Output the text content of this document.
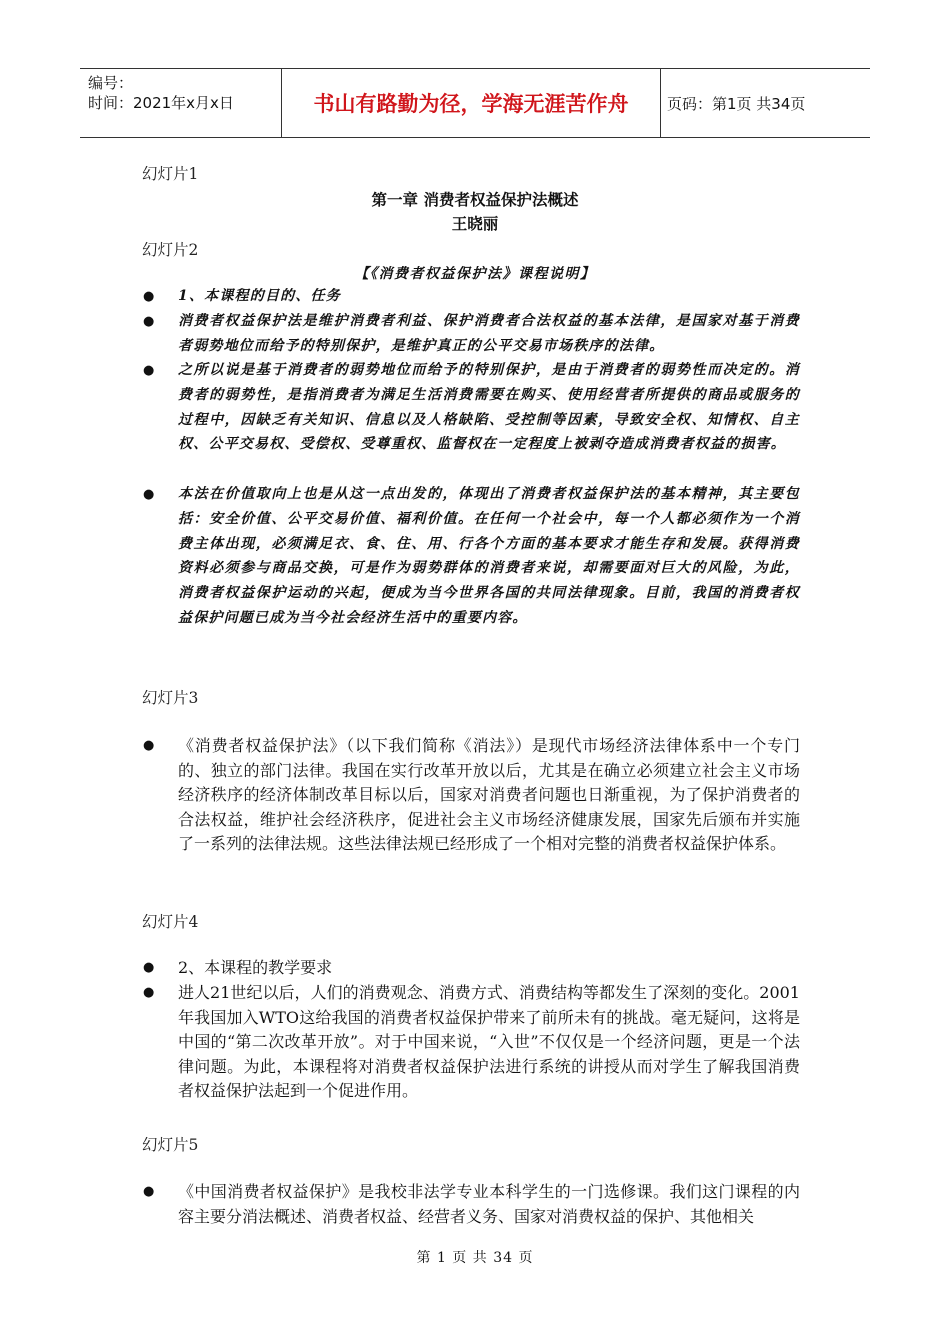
编号：
时间：2021年x月x日	书山有路勤为径，学海无涯苦作舟	页码：第1页 共34页
幻灯片1
第一章 消费者权益保护法概述
王晓丽
幻灯片2
【《消费者权益保护法》课程说明】
● 1、本课程的目的、任务

● 消费者权益保护法是维护消费者利益、保护消费者合法权益的基本法律，是国家对基于消费者弱势地位而给予的特别保护，是维护真正的公平交易市场秩序的法律。

● 之所以说是基于消费者的弱势地位而给予的特别保护，是由于消费者的弱势性而决定的。消费者的弱势性，是指消费者为满足生活消费需要在购买、使用经营者所提供的商品或服务的过程中，因缺乏有关知识、信息以及人格缺陷、受控制等因素，导致安全权、知情权、自主权、公平交易权、受偿权、受尊重权、监督权在一定程度上被剥夺造成消费者权益的损害。

● 本法在价值取向上也是从这一点出发的，体现出了消费者权益保护法的基本精神，其主要包括：安全价值、公平交易价值、福利价值。在任何一个社会中，每一个人都必须作为一个消费主体出现，必须满足衣、食、住、用、行各个方面的基本要求才能生存和发展。获得消费资料必须参与商品交换，可是作为弱势群体的消费者来说，却需要面对巨大的风险，为此，消费者权益保护运动的兴起，便成为当今世界各国的共同法律现象。目前，我国的消费者权益保护问题已成为当今社会经济生活中的重要内容。

幻灯片3
● 《消费者权益保护法》（以下我们简称《消法》）是现代市场经济法律体系中一个专门的、独立的部门法律。我国在实行改革开放以后，尤其是在确立必须建立社会主义市场经济秩序的经济体制改革目标以后，国家对消费者问题也日渐重视，为了保护消费者的合法权益，维护社会经济秩序，促进社会主义市场经济健康发展，国家先后颁布并实施了一系列的法律法规。这些法律法规已经形成了一个相对完整的消费者权益保护体系。

幻灯片4
● 2、本课程的教学要求

● 进人21世纪以后，人们的消费观念、消费方式、消费结构等都发生了深刻的变化。2001年我国加入WTO这给我国的消费者权益保护带来了前所未有的挑战。毫无疑问，这将是中国的“第二次改革开放”。对于中国来说，“入世”不仅仅是一个经济问题，更是一个法律问题。为此，本课程将对消费者权益保护法进行系统的讲授从而对学生了解我国消费者权益保护法起到一个促进作用。

幻灯片5
● 《中国消费者权益保护》是我校非法学专业本科学生的一门选修课。我们这门课程的内容主要分消法概述、消费者权益、经营者义务、国家对消费权益的保护、其他相关

第 1 页 共 34 页
